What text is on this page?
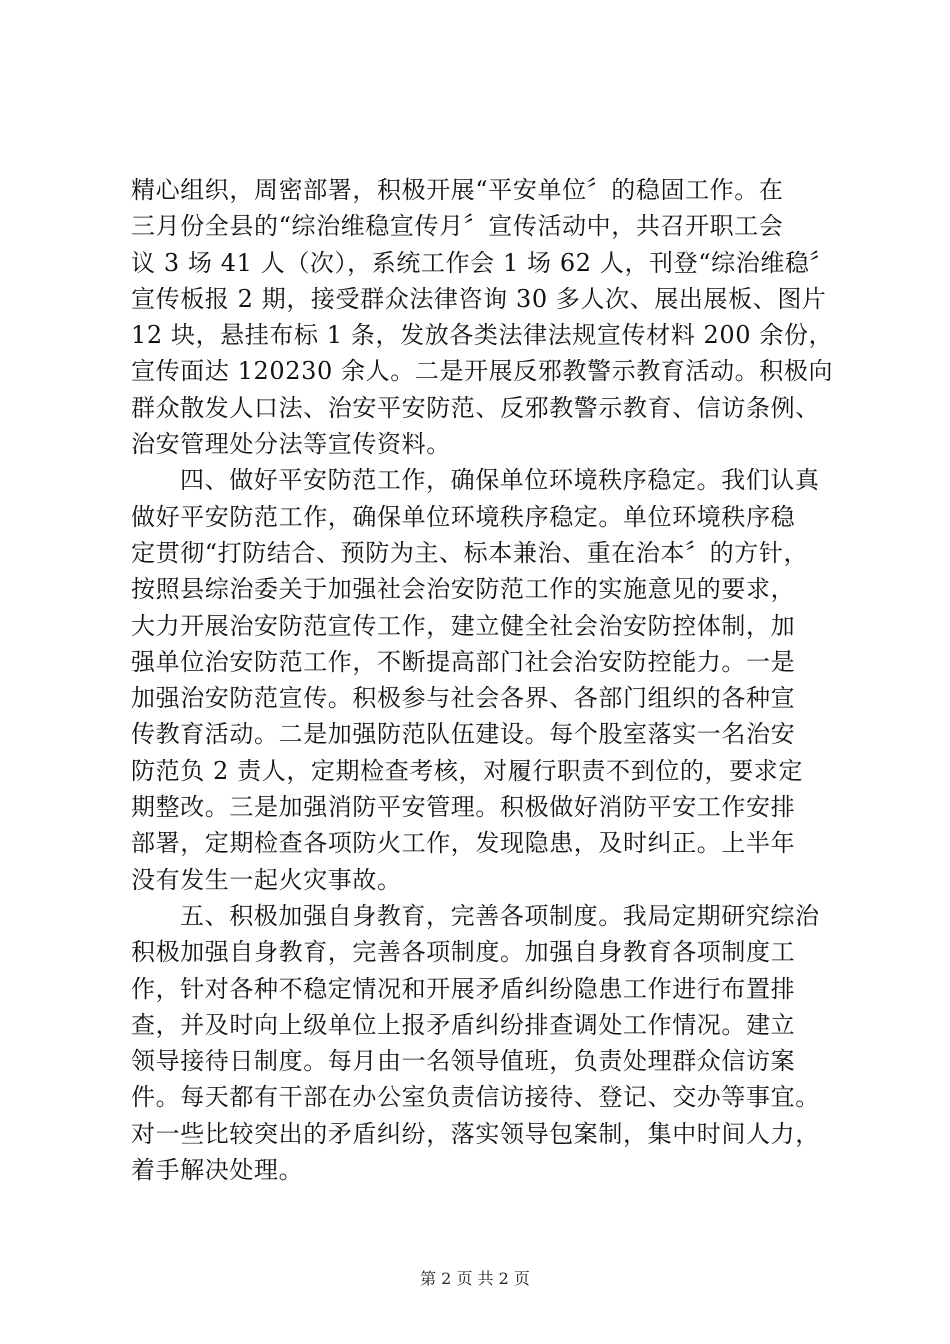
精心组织，周密部署，积极开展“平安单位〞的稳固工作。在
三月份全县的“综治维稳宣传月〞宣传活动中，共召开职工会
议 3 场 41 人（次），系统工作会 1 场 62 人，刊登“综治维稳〞
宣传板报 2 期，接受群众法律咨询 30 多人次、展出展板、图片
12 块，悬挂布标 1 条，发放各类法律法规宣传材料 200 余份，
宣传面达 120230 余人。二是开展反邪教警示教育活动。积极向
群众散发人口法、治安平安防范、反邪教警示教育、信访条例、
治安管理处分法等宣传资料。
四、做好平安防范工作，确保单位环境秩序稳定。我们认真
做好平安防范工作，确保单位环境秩序稳定。单位环境秩序稳
定贯彻“打防结合、预防为主、标本兼治、重在治本〞的方针，
按照县综治委关于加强社会治安防范工作的实施意见的要求，
大力开展治安防范宣传工作，建立健全社会治安防控体制，加
强单位治安防范工作，不断提高部门社会治安防控能力。一是
加强治安防范宣传。积极参与社会各界、各部门组织的各种宣
传教育活动。二是加强防范队伍建设。每个股室落实一名治安
防范负 2 责人，定期检查考核，对履行职责不到位的，要求定
期整改。三是加强消防平安管理。积极做好消防平安工作安排
部署，定期检查各项防火工作，发现隐患，及时纠正。上半年
没有发生一起火灾事故。
五、积极加强自身教育，完善各项制度。我局定期研究综治
积极加强自身教育，完善各项制度。加强自身教育各项制度工
作，针对各种不稳定情况和开展矛盾纠纷隐患工作进行布置排
查，并及时向上级单位上报矛盾纠纷排查调处工作情况。建立
领导接待日制度。每月由一名领导值班，负责处理群众信访案
件。每天都有干部在办公室负责信访接待、登记、交办等事宜。
对一些比较突出的矛盾纠纷，落实领导包案制，集中时间人力，
着手解决处理。
第 2 页 共 2 页
